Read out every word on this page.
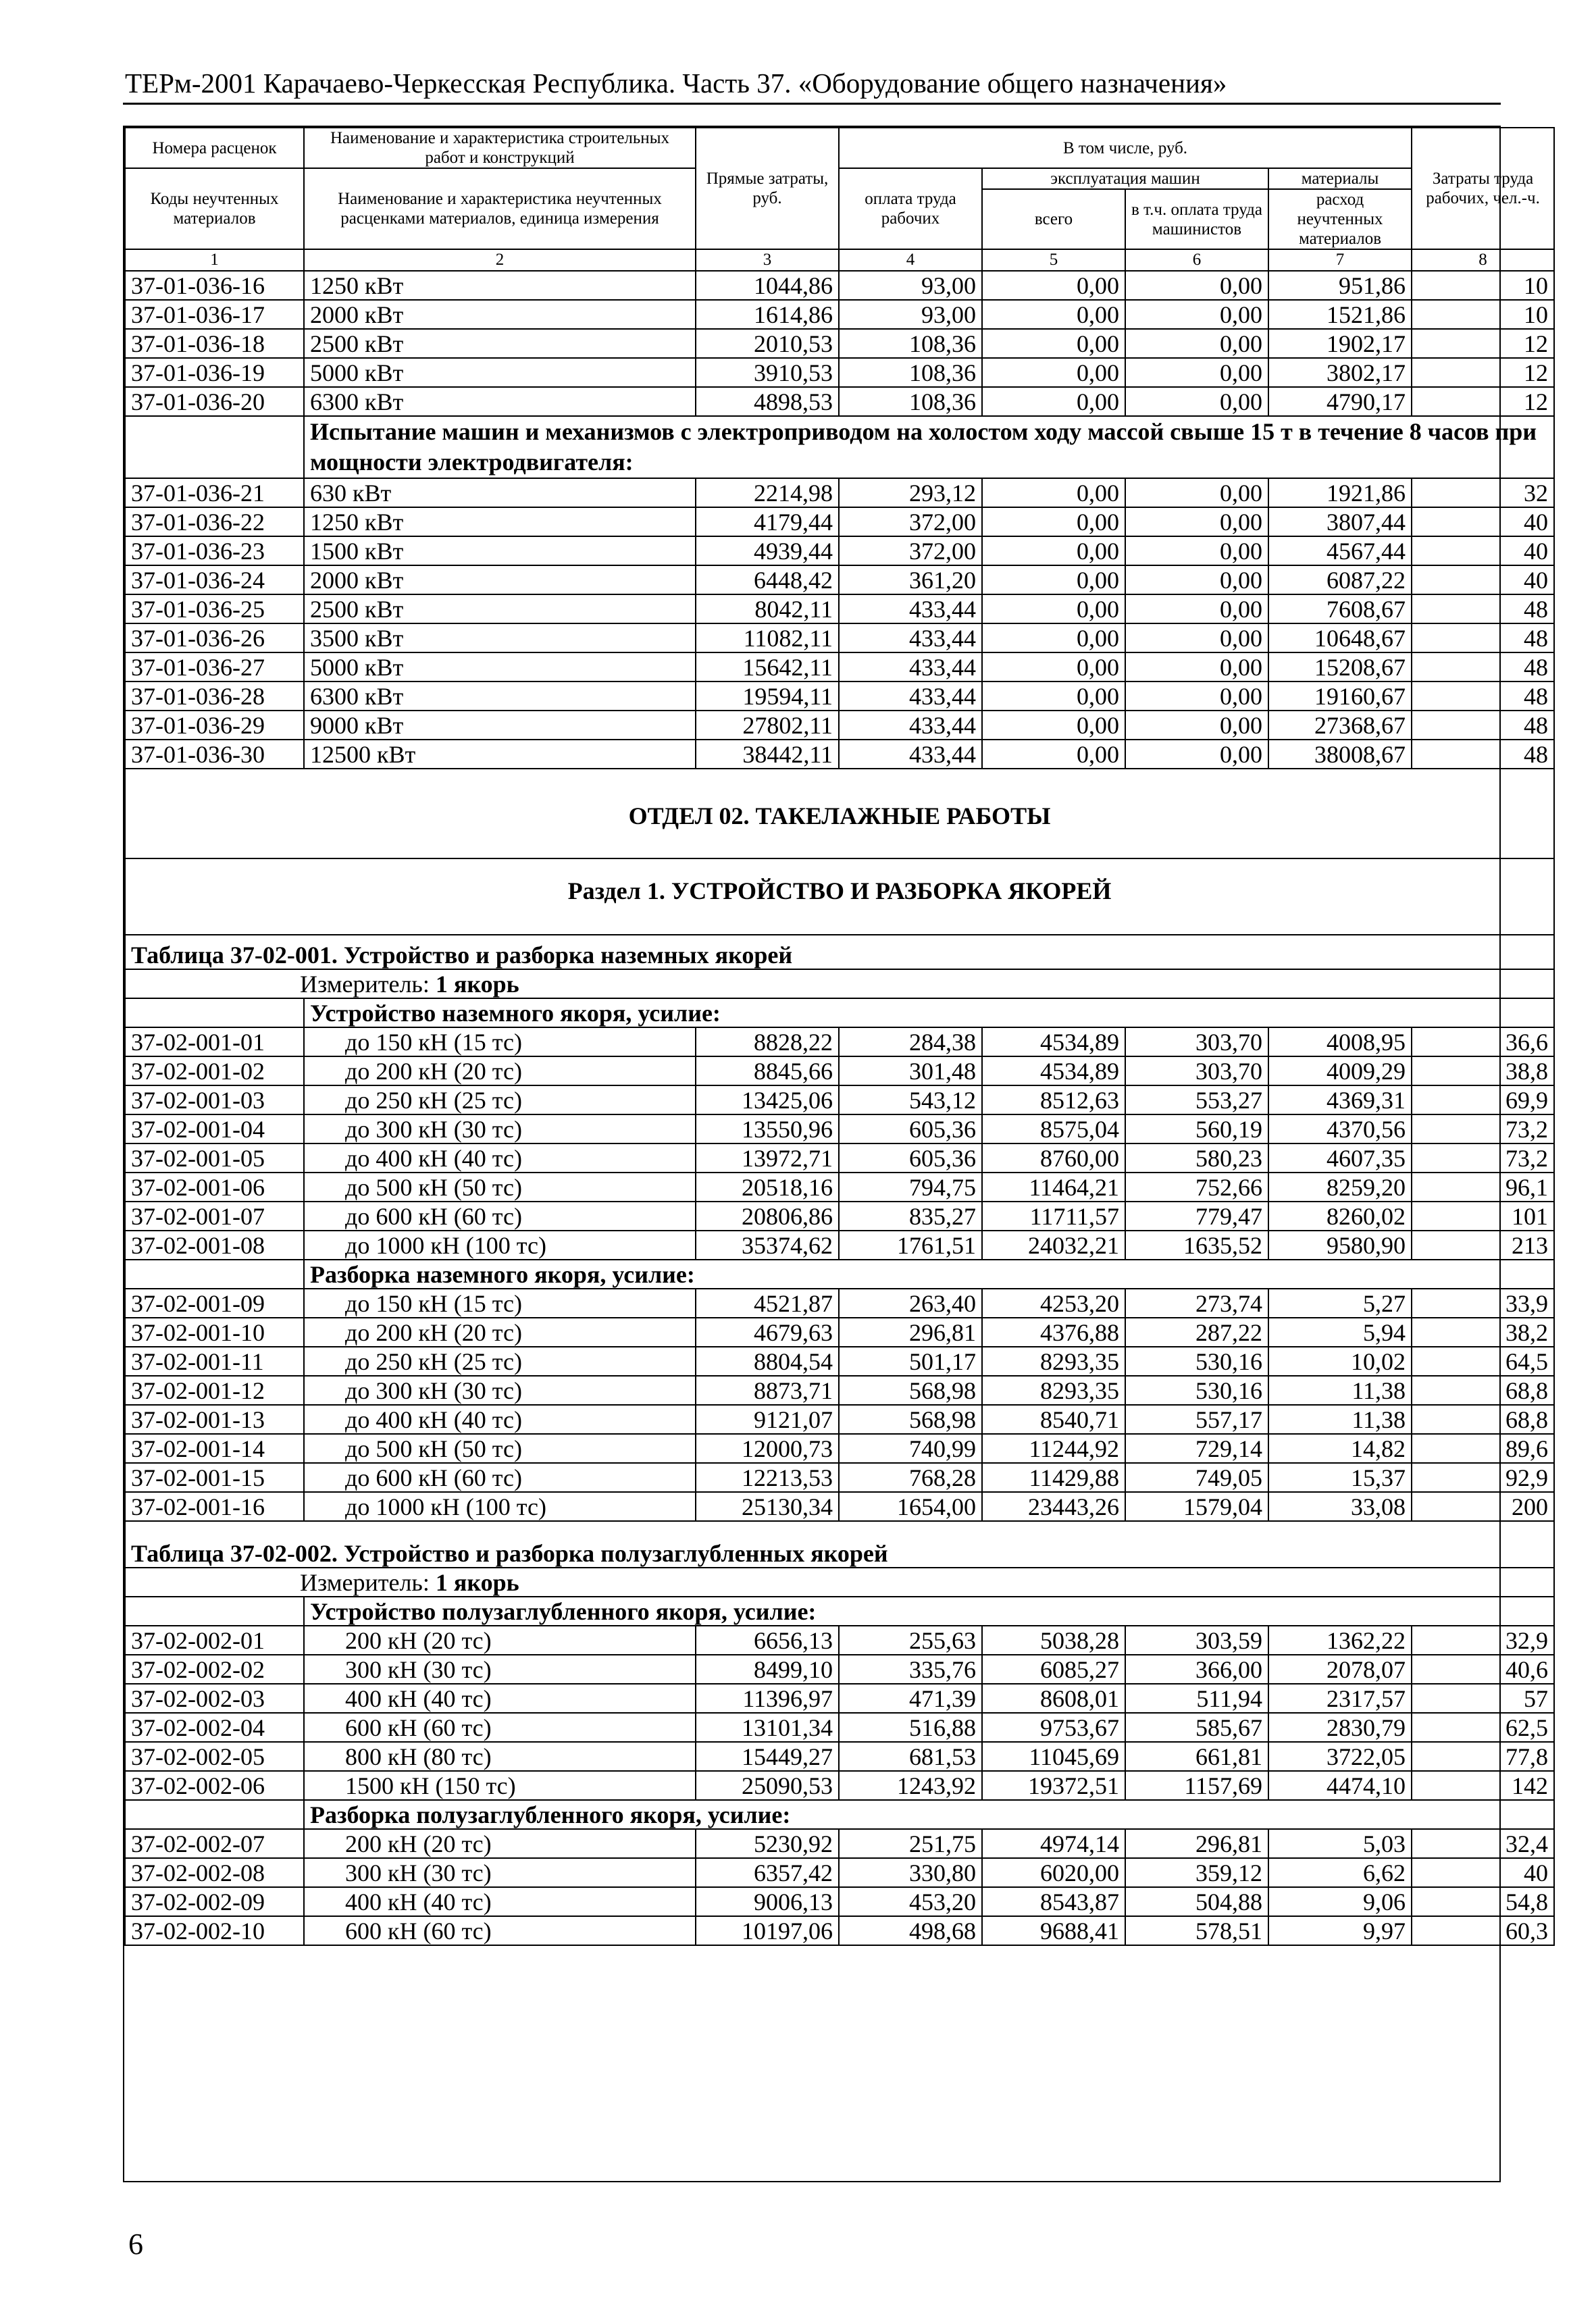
ТЕРм-2001 Карачаево-Черкесская Республика. Часть 37. «Оборудование общего назначения»
Номера расценок	Наименование и характеристика строительных работ и конструкций	Прямые затраты, руб.	В том числе, руб.				Затраты труда рабочих, чел.-ч.
Коды неучтенных материалов	Наименование и характеристика неучтенных расценками материалов, единица измерения		оплата труда рабочих	эксплуатация машин		материалы	
				всего	в т.ч. оплата труда машинистов	расход неучтенных материалов	
1	2	3	4	5	6	7	8
37-01-036-16	1250 кВт	1044,86	93,00	0,00	0,00	951,86	10
37-01-036-17	2000 кВт	1614,86	93,00	0,00	0,00	1521,86	10
37-01-036-18	2500 кВт	2010,53	108,36	0,00	0,00	1902,17	12
37-01-036-19	5000 кВт	3910,53	108,36	0,00	0,00	3802,17	12
37-01-036-20	6300 кВт	4898,53	108,36	0,00	0,00	4790,17	12
	Испытание машин и механизмов с электроприводом на холостом ходу массой свыше 15 т в течение 8 часов при мощности электродвигателя:						
37-01-036-21	630 кВт	2214,98	293,12	0,00	0,00	1921,86	32
37-01-036-22	1250 кВт	4179,44	372,00	0,00	0,00	3807,44	40
37-01-036-23	1500 кВт	4939,44	372,00	0,00	0,00	4567,44	40
37-01-036-24	2000 кВт	6448,42	361,20	0,00	0,00	6087,22	40
37-01-036-25	2500 кВт	8042,11	433,44	0,00	0,00	7608,67	48
37-01-036-26	3500 кВт	11082,11	433,44	0,00	0,00	10648,67	48
37-01-036-27	5000 кВт	15642,11	433,44	0,00	0,00	15208,67	48
37-01-036-28	6300 кВт	19594,11	433,44	0,00	0,00	19160,67	48
37-01-036-29	9000 кВт	27802,11	433,44	0,00	0,00	27368,67	48
37-01-036-30	12500 кВт	38442,11	433,44	0,00	0,00	38008,67	48
ОТДЕЛ 02. ТАКЕЛАЖНЫЕ РАБОТЫ							
Раздел 1. УСТРОЙСТВО И РАЗБОРКА ЯКОРЕЙ							
Таблица 37-02-001. Устройство и разборка наземных якорей							
Измеритель: 1 якорь							
	Устройство наземного якоря, усилие:						
37-02-001-01	до 150 кН (15 тс)	8828,22	284,38	4534,89	303,70	4008,95	36,6
37-02-001-02	до 200 кН (20 тс)	8845,66	301,48	4534,89	303,70	4009,29	38,8
37-02-001-03	до 250 кН (25 тс)	13425,06	543,12	8512,63	553,27	4369,31	69,9
37-02-001-04	до 300 кН (30 тс)	13550,96	605,36	8575,04	560,19	4370,56	73,2
37-02-001-05	до 400 кН (40 тс)	13972,71	605,36	8760,00	580,23	4607,35	73,2
37-02-001-06	до 500 кН (50 тс)	20518,16	794,75	11464,21	752,66	8259,20	96,1
37-02-001-07	до 600 кН (60 тс)	20806,86	835,27	11711,57	779,47	8260,02	101
37-02-001-08	до 1000 кН (100 тс)	35374,62	1761,51	24032,21	1635,52	9580,90	213
	Разборка наземного якоря, усилие:						
37-02-001-09	до 150 кН (15 тс)	4521,87	263,40	4253,20	273,74	5,27	33,9
37-02-001-10	до 200 кН (20 тс)	4679,63	296,81	4376,88	287,22	5,94	38,2
37-02-001-11	до 250 кН (25 тс)	8804,54	501,17	8293,35	530,16	10,02	64,5
37-02-001-12	до 300 кН (30 тс)	8873,71	568,98	8293,35	530,16	11,38	68,8
37-02-001-13	до 400 кН (40 тс)	9121,07	568,98	8540,71	557,17	11,38	68,8
37-02-001-14	до 500 кН (50 тс)	12000,73	740,99	11244,92	729,14	14,82	89,6
37-02-001-15	до 600 кН (60 тс)	12213,53	768,28	11429,88	749,05	15,37	92,9
37-02-001-16	до 1000 кН (100 тс)	25130,34	1654,00	23443,26	1579,04	33,08	200
Таблица 37-02-002. Устройство и разборка полузаглубленных якорей							
Измеритель: 1 якорь							
	Устройство полузаглубленного якоря, усилие:						
37-02-002-01	200 кН (20 тс)	6656,13	255,63	5038,28	303,59	1362,22	32,9
37-02-002-02	300 кН (30 тс)	8499,10	335,76	6085,27	366,00	2078,07	40,6
37-02-002-03	400 кН (40 тс)	11396,97	471,39	8608,01	511,94	2317,57	57
37-02-002-04	600 кН (60 тс)	13101,34	516,88	9753,67	585,67	2830,79	62,5
37-02-002-05	800 кН (80 тс)	15449,27	681,53	11045,69	661,81	3722,05	77,8
37-02-002-06	1500 кН (150 тс)	25090,53	1243,92	19372,51	1157,69	4474,10	142
	Разборка полузаглубленного якоря, усилие:						
37-02-002-07	200 кН (20 тс)	5230,92	251,75	4974,14	296,81	5,03	32,4
37-02-002-08	300 кН (30 тс)	6357,42	330,80	6020,00	359,12	6,62	40
37-02-002-09	400 кН (40 тс)	9006,13	453,20	8543,87	504,88	9,06	54,8
37-02-002-10	600 кН (60 тс)	10197,06	498,68	9688,41	578,51	9,97	60,3
6
